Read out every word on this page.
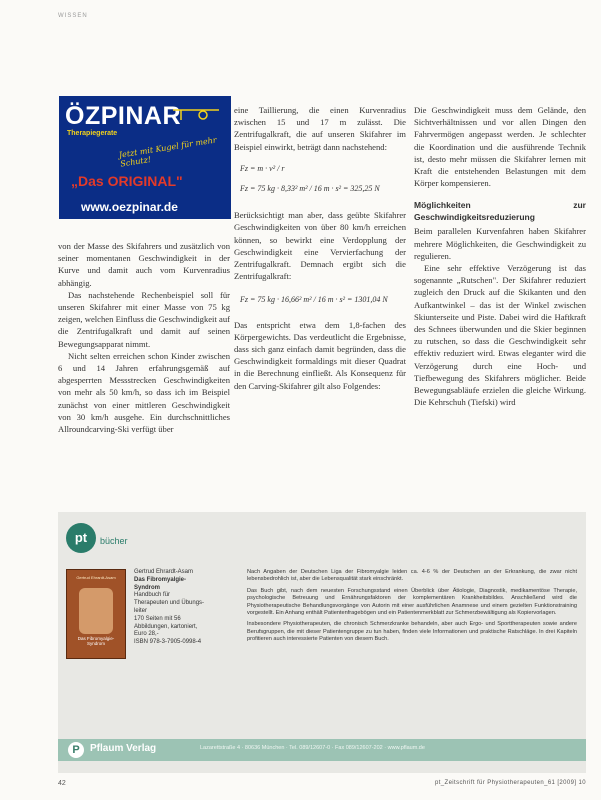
WISSEN
ÖZPINAR
Therapiegerate
Jetzt mit Kugel für mehr Schutz!
„Das ORIGINAL"
www.oezpinar.de

von der Masse des Skifahrers und zusätzlich von seiner momentanen Geschwindigkeit in der Kurve und damit auch vom Kurvenradius abhängig.

Das nachstehende Rechenbeispiel soll für unseren Skifahrer mit einer Masse von 75 kg zeigen, welchen Einfluss die Geschwindigkeit auf die Zentrifugalkraft und damit auf seinen Bewegungsapparat nimmt.

Nicht selten erreichen schon Kinder zwischen 6 und 14 Jahren erfahrungsgemäß auf abgesperrten Messstrecken Geschwindigkeiten von mehr als 50 km/h, so dass ich im Beispiel zunächst von einer mittleren Geschwindigkeit von 30 km/h ausgehe. Ein durchschnittliches Allroundcarving-Ski verfügt über

eine Taillierung, die einen Kurvenradius zwischen 15 und 17 m zulässt. Die Zentrifugalkraft, die auf unseren Skifahrer im Beispiel einwirkt, beträgt dann nachstehend:

Fz = m · v² / r
Fz = 75 kg · 8,33² m² / 16 m · s² = 325,25 N

Berücksichtigt man aber, dass geübte Skifahrer Geschwindigkeiten von über 80 km/h erreichen können, so bewirkt eine Verdopplung der Geschwindigkeit eine Vervierfachung der Zentrifugalkraft. Demnach ergibt sich die Zentrifugalkraft:

Fz = 75 kg · 16,66² m² / 16 m · s² = 1301,04 N

Das entspricht etwa dem 1,8-fachen des Körpergewichts. Das verdeutlicht die Ergebnisse, dass sich ganz einfach damit begründen, dass die Geschwindigkeit formaldings mit dieser Quadrat in die Berechnung einfließt. Als Konsequenz für den Carving-Skifahrer gilt also Folgendes:

Die Geschwindigkeit muss dem Gelände, den Sichtverhältnissen und vor allen Dingen den Fahrvermögen angepasst werden. Je schlechter die Koordination und die ausführende Technik ist, desto mehr müssen die Skifahrer lernen mit Kraft die entstehenden Belastungen mit dem Körper kompensieren.

Möglichkeiten zur Geschwindigkeitsreduzierung

Beim parallelen Kurvenfahren haben Skifahrer mehrere Möglichkeiten, die Geschwindigkeit zu regulieren.

Eine sehr effektive Verzögerung ist das sogenannte „Rutschen". Der Skifahrer reduziert zugleich den Druck auf die Skikanten und den Aufkantwinkel – das ist der Winkel zwischen Skiunterseite und Piste. Dabei wird die Haftkraft des Schnees überwunden und die Skier beginnen zu rutschen, so dass die Geschwindigkeit sehr effektiv reduziert wird. Etwas eleganter wird die Verzögerung durch eine Hoch- und Tiefbewegung des Skifahrers möglicher. Beide Bewegungsabläufe erzielen die gleiche Wirkung. Die Kehrschuh (Tiefski) wird

pt	bücher
Gertrud Ehrardt-Asam
Das Fibromyalgie-Syndrom
Gertrud Ehrardt-Asam
Das Fibromyalgie-
Syndrom
Handbuch für
Therapeuten und Übungs-
leiter
170 Seiten mit 56
Abbildungen, kartoniert,
Euro 28,-
ISBN 978-3-7905-0998-4

Nach Angaben der Deutschen Liga der Fibromyalgie leiden ca. 4-6 % der Deutschen an der Erkrankung, die zwar nicht lebensbedrohlich ist, aber die Lebensqualität stark einschränkt.

Das Buch gibt, nach dem neuesten Forschungsstand einen Überblick über Ätiologie, Diagnostik, medikamentöse Therapie, psychologische Betreuung und Ernährungsfaktoren der komplementären Krankheitsbildes. Anschließend wird die Physiotherapeutische Behandlungsvorgänge von Autorin mit einer ausführlichen Anamnese und einem gezielten Funktionstraining vorgestellt. Ein Anhang enthält Patientenfragebögen und ein Patientenmerkblatt zur Schmerzbewältigung als Kopiervorlagen.

Insbesondere Physiotherapeuten, die chronisch Schmerzkranke behandeln, aber auch Ergo- und Sporttherapeuten sowie andere Berufsgruppen, die mit dieser Patientengruppe zu tun haben, finden viele Informationen und praktische Ratschläge. In drei Kapiteln profitieren auch interessierte Patienten von diesem Buch.

P	Pflaum Verlag	Lazarettstraße 4 · 80636 München · Tel. 089/12607-0 · Fax 089/12607-202 · www.pflaum.de
42	pt_Zeitschrift für Physiotherapeuten_61 [2009] 10
